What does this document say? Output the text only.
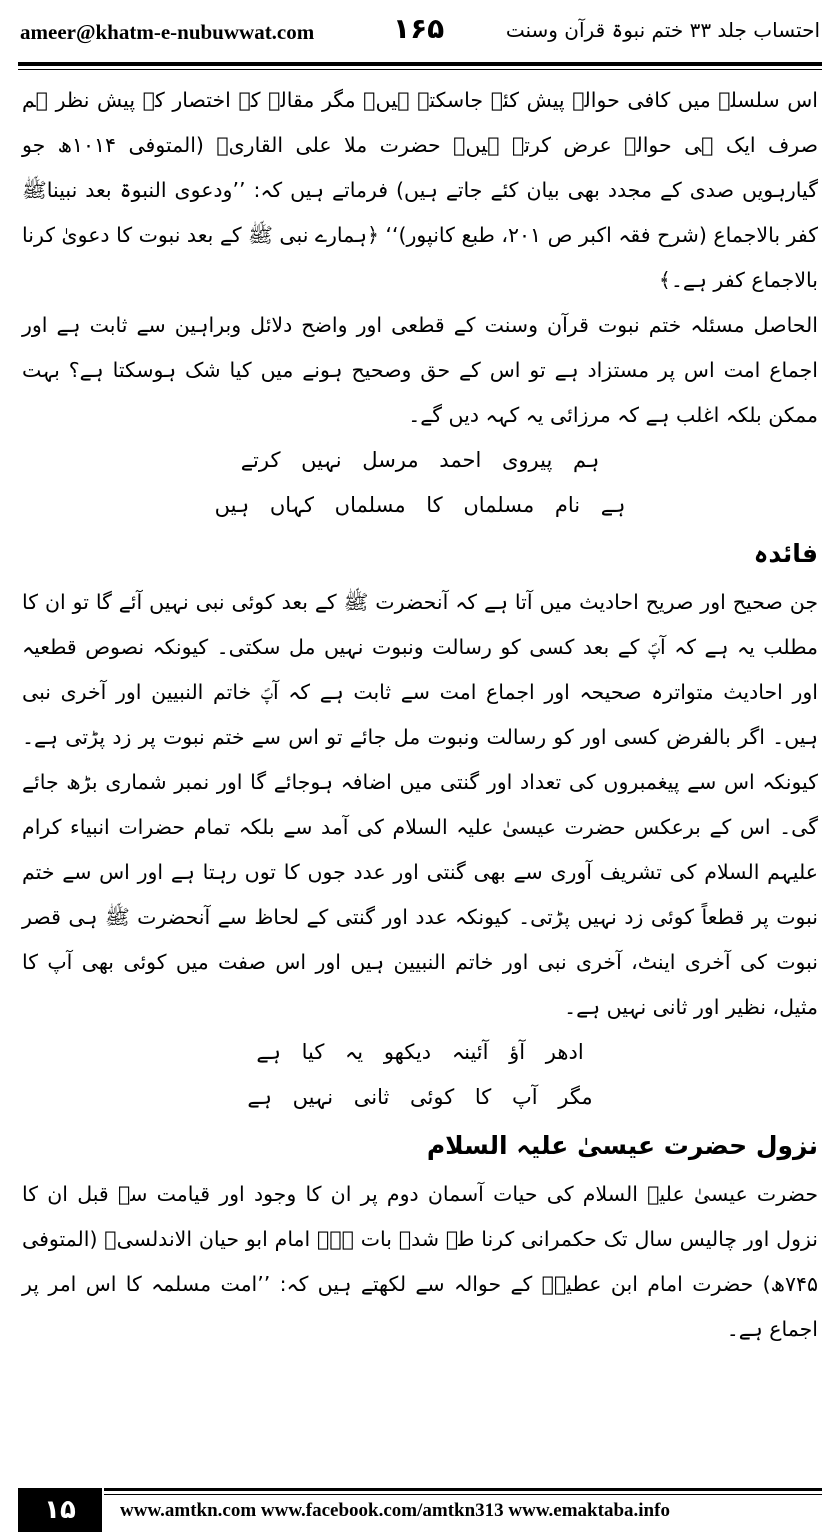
ameer@khatm-e-nubuwwat.com	۱۶۵	احتساب جلد ۳۳ ختم نبوۃ قرآن وسنت

اس سلسلہ میں کافی حوالے پیش کئے جاسکتے ہیں۔ مگر مقالہ کے اختصار کے پیش نظر ہم صرف ایک ہی حوالہ عرض کرتے ہیں۔ حضرت ملا علی القاریؒ (المتوفی ۱۰۱۴ھ جو گیارہویں صدی کے مجدد بھی بیان کئے جاتے ہیں) فرماتے ہیں کہ: ’’ودعوی النبوۃ بعد نبیناﷺ کفر بالاجماع (شرح فقہ اکبر ص ۲۰۱، طبع کانپور)‘‘ ﴿ہمارے نبی ﷺ کے بعد نبوت کا دعویٰ کرنا بالاجماع کفر ہے۔﴾

الحاصل مسئلہ ختم نبوت قرآن وسنت کے قطعی اور واضح دلائل وبراہین سے ثابت ہے اور اجماع امت اس پر مستزاد ہے تو اس کے حق وصحیح ہونے میں کیا شک ہوسکتا ہے؟ بہت ممکن بلکہ اغلب ہے کہ مرزائی یہ کہہ دیں گے۔

ہم پیروی احمد مرسل نہیں کرتے

ہے نام مسلماں کا مسلماں کہاں ہیں

فائدہ

جن صحیح اور صریح احادیث میں آتا ہے کہ آنحضرت ﷺ کے بعد کوئی نبی نہیں آئے گا تو ان کا مطلب یہ ہے کہ آپؐ کے بعد کسی کو رسالت ونبوت نہیں مل سکتی۔ کیونکہ نصوص قطعیہ اور احادیث متواترہ صحیحہ اور اجماع امت سے ثابت ہے کہ آپؐ خاتم النبیین اور آخری نبی ہیں۔ اگر بالفرض کسی اور کو رسالت ونبوت مل جائے تو اس سے ختم نبوت پر زد پڑتی ہے۔ کیونکہ اس سے پیغمبروں کی تعداد اور گنتی میں اضافہ ہوجائے گا اور نمبر شماری بڑھ جائے گی۔ اس کے برعکس حضرت عیسیٰ علیہ السلام کی آمد سے بلکہ تمام حضرات انبیاء کرام علیہم السلام کی تشریف آوری سے بھی گنتی اور عدد جوں کا توں رہتا ہے اور اس سے ختم نبوت پر قطعاً کوئی زد نہیں پڑتی۔ کیونکہ عدد اور گنتی کے لحاظ سے آنحضرت ﷺ ہی قصر نبوت کی آخری اینٹ، آخری نبی اور خاتم النبیین ہیں اور اس صفت میں کوئی بھی آپ کا مثیل، نظیر اور ثانی نہیں ہے۔

ادھر آؤ آئینہ دیکھو یہ کیا ہے

مگر آپ کا کوئی ثانی نہیں ہے

نزول حضرت عیسیٰ علیہ السلام

حضرت عیسیٰ علیہ السلام کی حیات آسمان دوم پر ان کا وجود اور قیامت سے قبل ان کا نزول اور چالیس سال تک حکمرانی کرنا طے شدہ بات ہے۔ امام ابو حیان الاندلسیؒ (المتوفی ۷۴۵ھ) حضرت امام ابن عطیہؒ کے حوالہ سے لکھتے ہیں کہ: ’’امت مسلمہ کا اس امر پر اجماع ہے۔

۱۵	www.amtkn.com www.facebook.com/amtkn313 www.emaktaba.info
